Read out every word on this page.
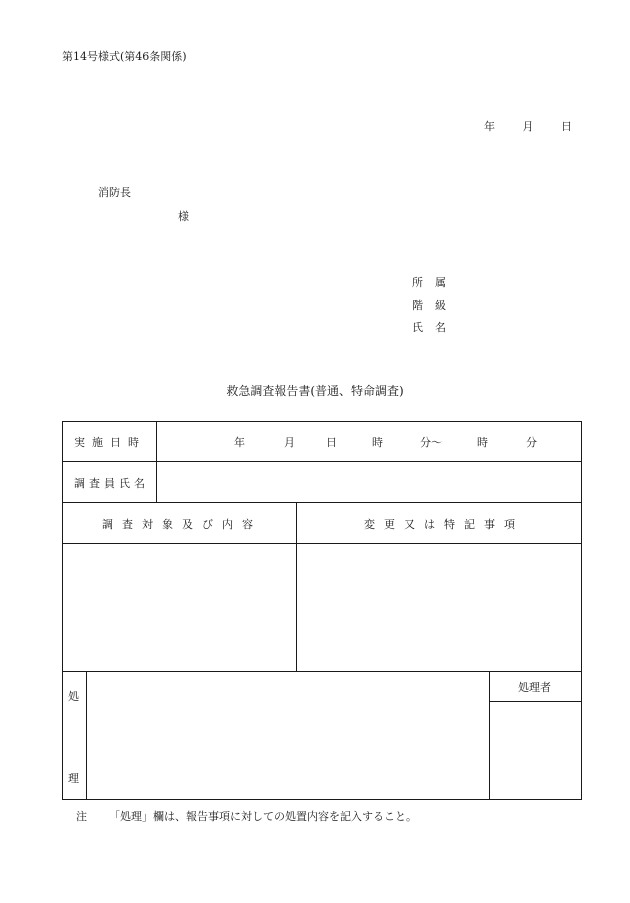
第14号様式(第46条関係)
年	月	日
消防長
様
所属
階級
氏名
救急調査報告書(普通、特命調査)
実施日時	年	月	日	時	分〜	時	分
調査員氏名
調査対象及び内容	変更又は特記事項
処
理
処理者
注 「処理」欄は、報告事項に対しての処置内容を記入すること。
